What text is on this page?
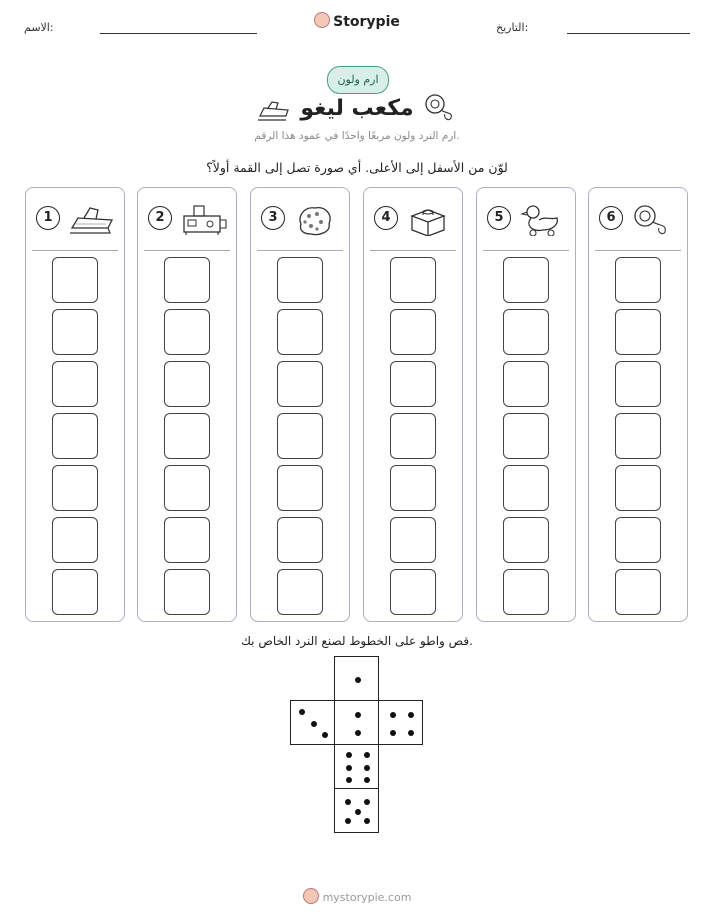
الاسم:	Storypie	التاريخ:
ارم ولون
مكعب ليغو
ارم النرد ولون مربعًا واحدًا في عمود هذا الرقم.
لوّن من الأسفل إلى الأعلى. أي صورة تصل إلى القمة أولاً؟
1	2	3	4	5	6
قص واطو على الخطوط لصنع النرد الخاص بك.
mystorypie.com
